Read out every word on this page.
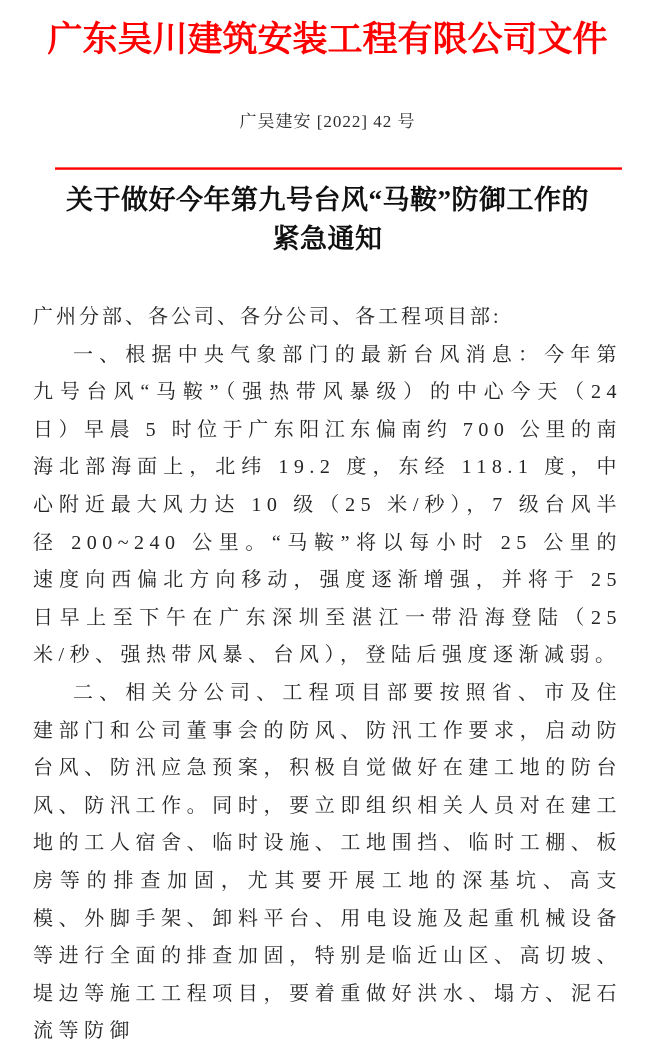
广东吴川建筑安装工程有限公司文件
广吴建安 [2022] 42 号
关于做好今年第九号台风“马鞍”防御工作的
紧急通知

广州分部、各公司、各分公司、各工程项目部:

一、根据中央气象部门的最新台风消息：今年第九号台风“马鞍”（强热带风暴级）的中心今天（24 日）早晨 5 时位于广东阳江东偏南约 700 公里的南海北部海面上，北纬 19.2 度，东经 118.1 度，中心附近最大风力达 10 级（25 米/秒），7 级台风半径 200~240 公里。“马鞍”将以每小时 25 公里的速度向西偏北方向移动，强度逐渐增强，并将于 25 日早上至下午在广东深圳至湛江一带沿海登陆（25 米/秒、强热带风暴、台风），登陆后强度逐渐减弱。

二、相关分公司、工程项目部要按照省、市及住建部门和公司董事会的防风、防汛工作要求，启动防台风、防汛应急预案，积极自觉做好在建工地的防台风、防汛工作。同时，要立即组织相关人员对在建工地的工人宿舍、临时设施、工地围挡、临时工棚、板房等的排查加固，尤其要开展工地的深基坑、高支模、外脚手架、卸料平台、用电设施及起重机械设备等进行全面的排查加固，特别是临近山区、高切坡、堤边等施工工程项目，要着重做好洪水、塌方、泥石流等防御
